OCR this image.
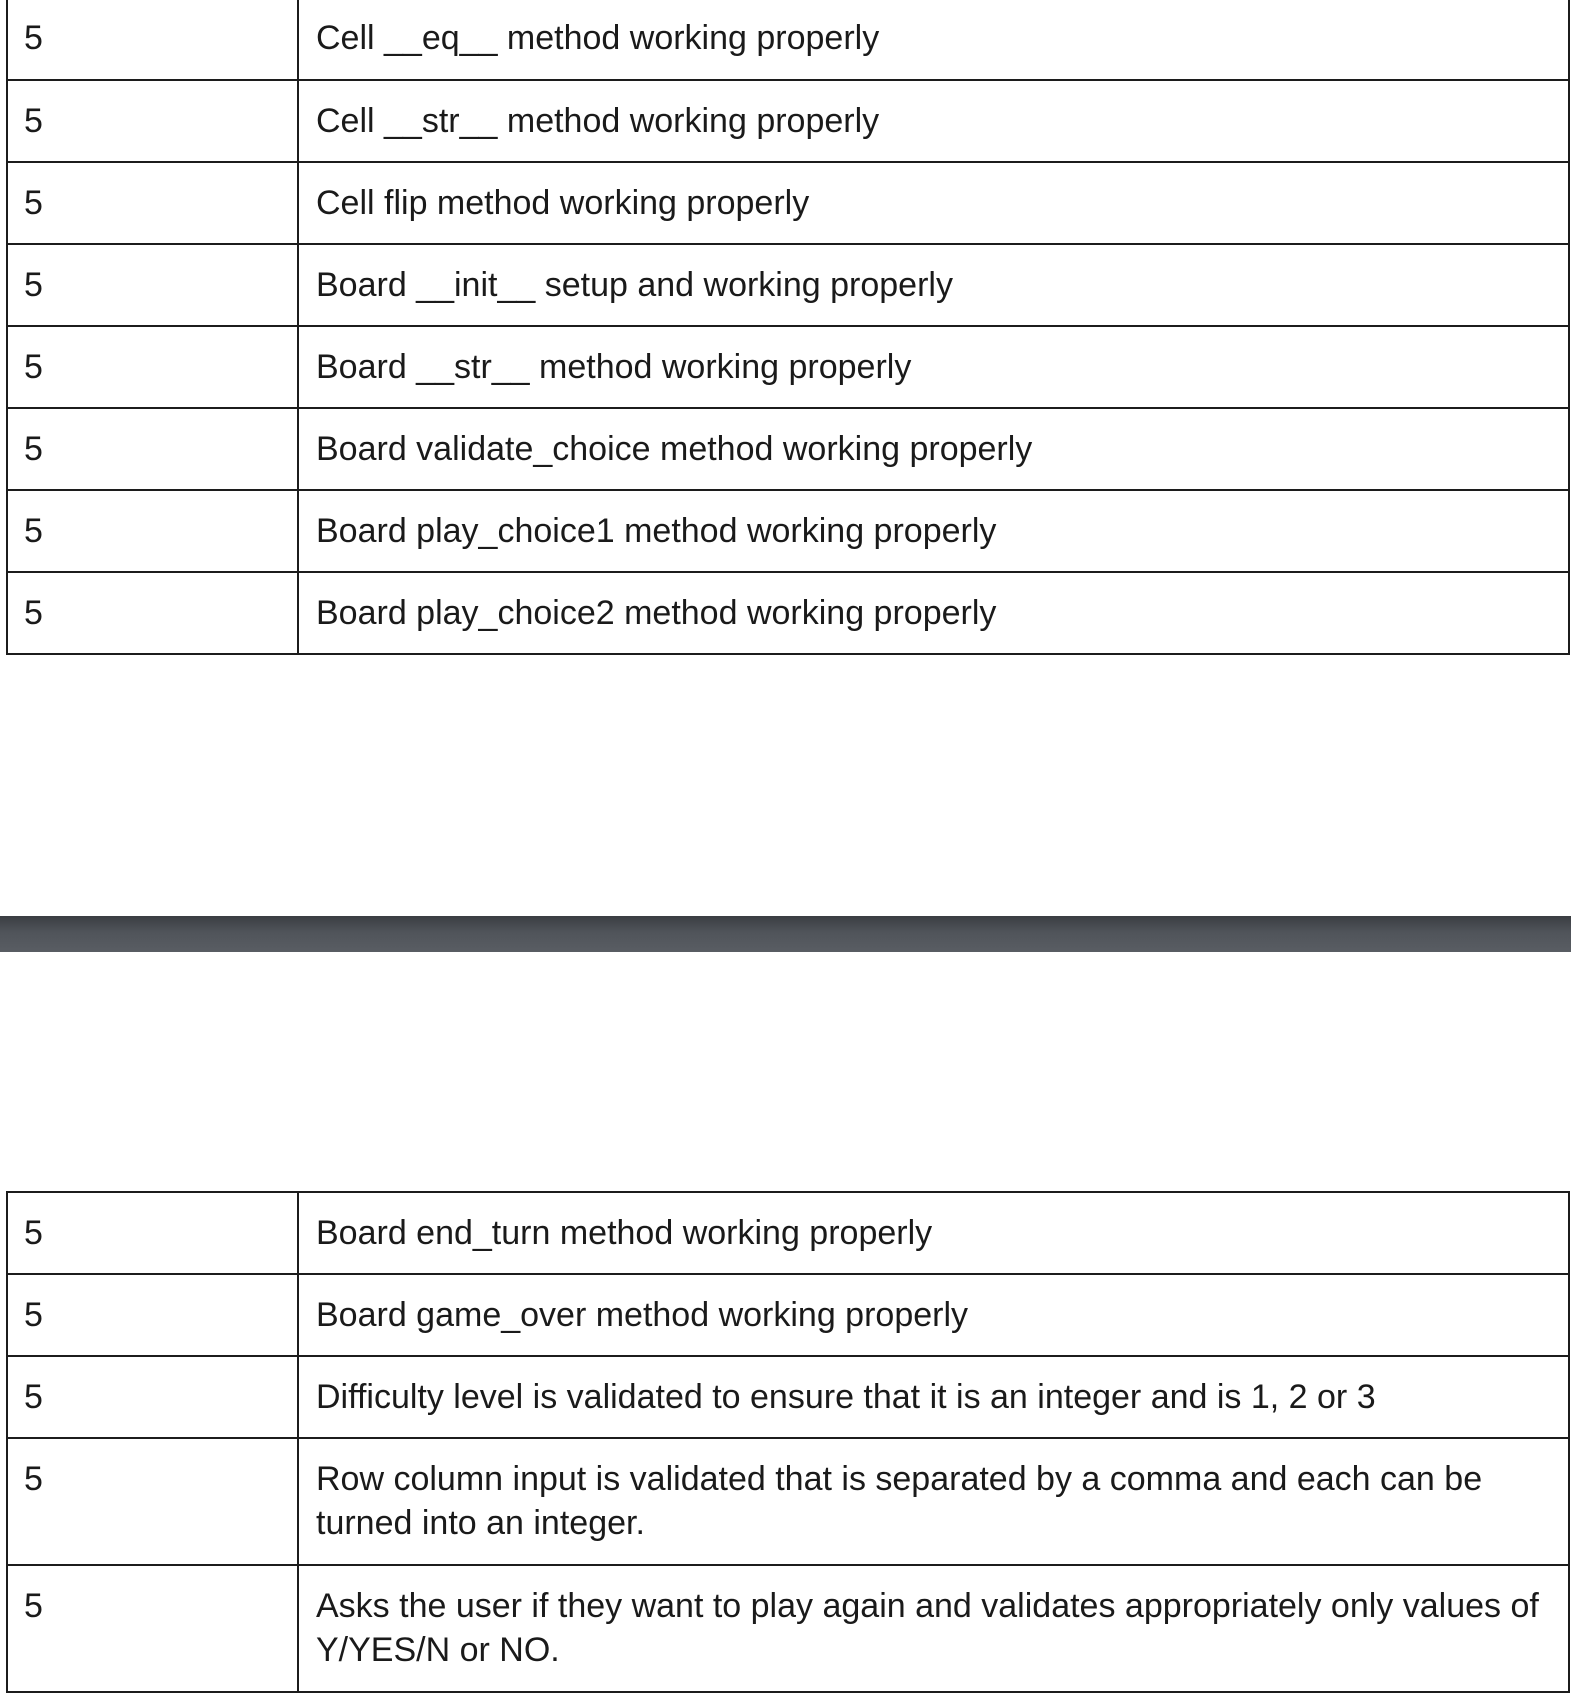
5	Cell __eq__ method working properly
5	Cell __str__ method working properly
5	Cell flip method working properly
5	Board __init__ setup and working properly
5	Board __str__ method working properly
5	Board validate_choice method working properly
5	Board play_choice1 method working properly
5	Board play_choice2 method working properly
5	Board end_turn method working properly
5	Board game_over method working properly
5	Difficulty level is validated to ensure that it is an integer and is 1, 2 or 3
5	Row column input is validated that is separated by a comma and each can be turned into an integer.
5	Asks the user if they want to play again and validates appropriately only values of Y/YES/N or NO.
